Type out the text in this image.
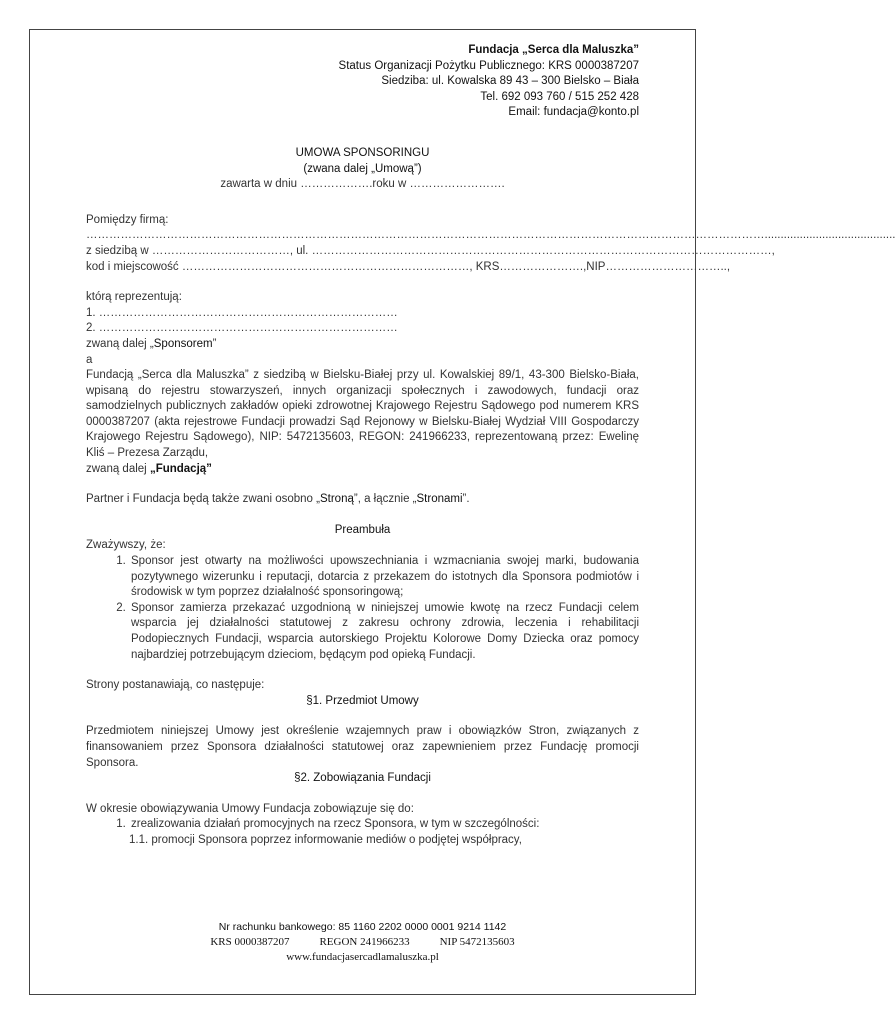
Fundacja „Serca dla Maluszka”
Status Organizacji Pożytku Publicznego: KRS 0000387207
Siedziba: ul. Kowalska 89 43 – 300 Bielsko – Biała
Tel. 692 093 760 / 515 252 428
Email: fundacja@konto.pl
UMOWA SPONSORINGU
(zwana dalej „Umową”)
zawarta w dniu ……………….roku w …………………….
Pomiędzy firmą:
…………………………………………………………………………………………………………………………………………………………….........................................
z siedzibą w ………………………………, ul. …………………………………………………………………………………………………………,
kod i miejscowość …………………………………………………………………, KRS………………….,NIP…………………………..,
którą reprezentują:
1. ……………………………………………………………………
2. ……………………………………………………………………
zwaną dalej „Sponsorem”
a
Fundacją „Serca dla Maluszka” z siedzibą w Bielsku-Białej przy ul. Kowalskiej 89/1, 43-300 Bielsko-Biała, wpisaną do rejestru stowarzyszeń, innych organizacji społecznych i zawodowych, fundacji oraz samodzielnych publicznych zakładów opieki zdrowotnej Krajowego Rejestru Sądowego pod numerem KRS 0000387207 (akta rejestrowe Fundacji prowadzi Sąd Rejonowy w Bielsku-Białej Wydział VIII Gospodarczy Krajowego Rejestru Sądowego), NIP: 5472135603, REGON: 241966233, reprezentowaną przez: Ewelinę Kliś – Prezesa Zarządu,
zwaną dalej „Fundacją”
Partner i Fundacja będą także zwani osobno „Stroną”, a łącznie „Stronami”.
Preambuła
Zważywszy, że:
1. Sponsor jest otwarty na możliwości upowszechniania i wzmacniania swojej marki, budowania pozytywnego wizerunku i reputacji, dotarcia z przekazem do istotnych dla Sponsora podmiotów i środowisk w tym poprzez działalność sponsoringową;
2. Sponsor zamierza przekazać uzgodnioną w niniejszej umowie kwotę na rzecz Fundacji celem wsparcia jej działalności statutowej z zakresu ochrony zdrowia, leczenia i rehabilitacji Podopiecznych Fundacji, wsparcia autorskiego Projektu Kolorowe Domy Dziecka oraz pomocy najbardziej potrzebującym dzieciom, będącym pod opieką Fundacji.
Strony postanawiają, co następuje:
§1. Przedmiot Umowy
Przedmiotem niniejszej Umowy jest określenie wzajemnych praw i obowiązków Stron, związanych z finansowaniem przez Sponsora działalności statutowej oraz zapewnieniem przez Fundację promocji Sponsora.
§2. Zobowiązania Fundacji
W okresie obowiązywania Umowy Fundacja zobowiązuje się do:
1. zrealizowania działań promocyjnych na rzecz Sponsora, w tym w szczególności:
1.1. promocji Sponsora poprzez informowanie mediów o podjętej współpracy,
Nr rachunku bankowego: 85 1160 2202 0000 0001 9214 1142
KRS 0000387207	REGON 241966233	NIP 5472135603
www.fundacjasercadlamaluszka.pl
